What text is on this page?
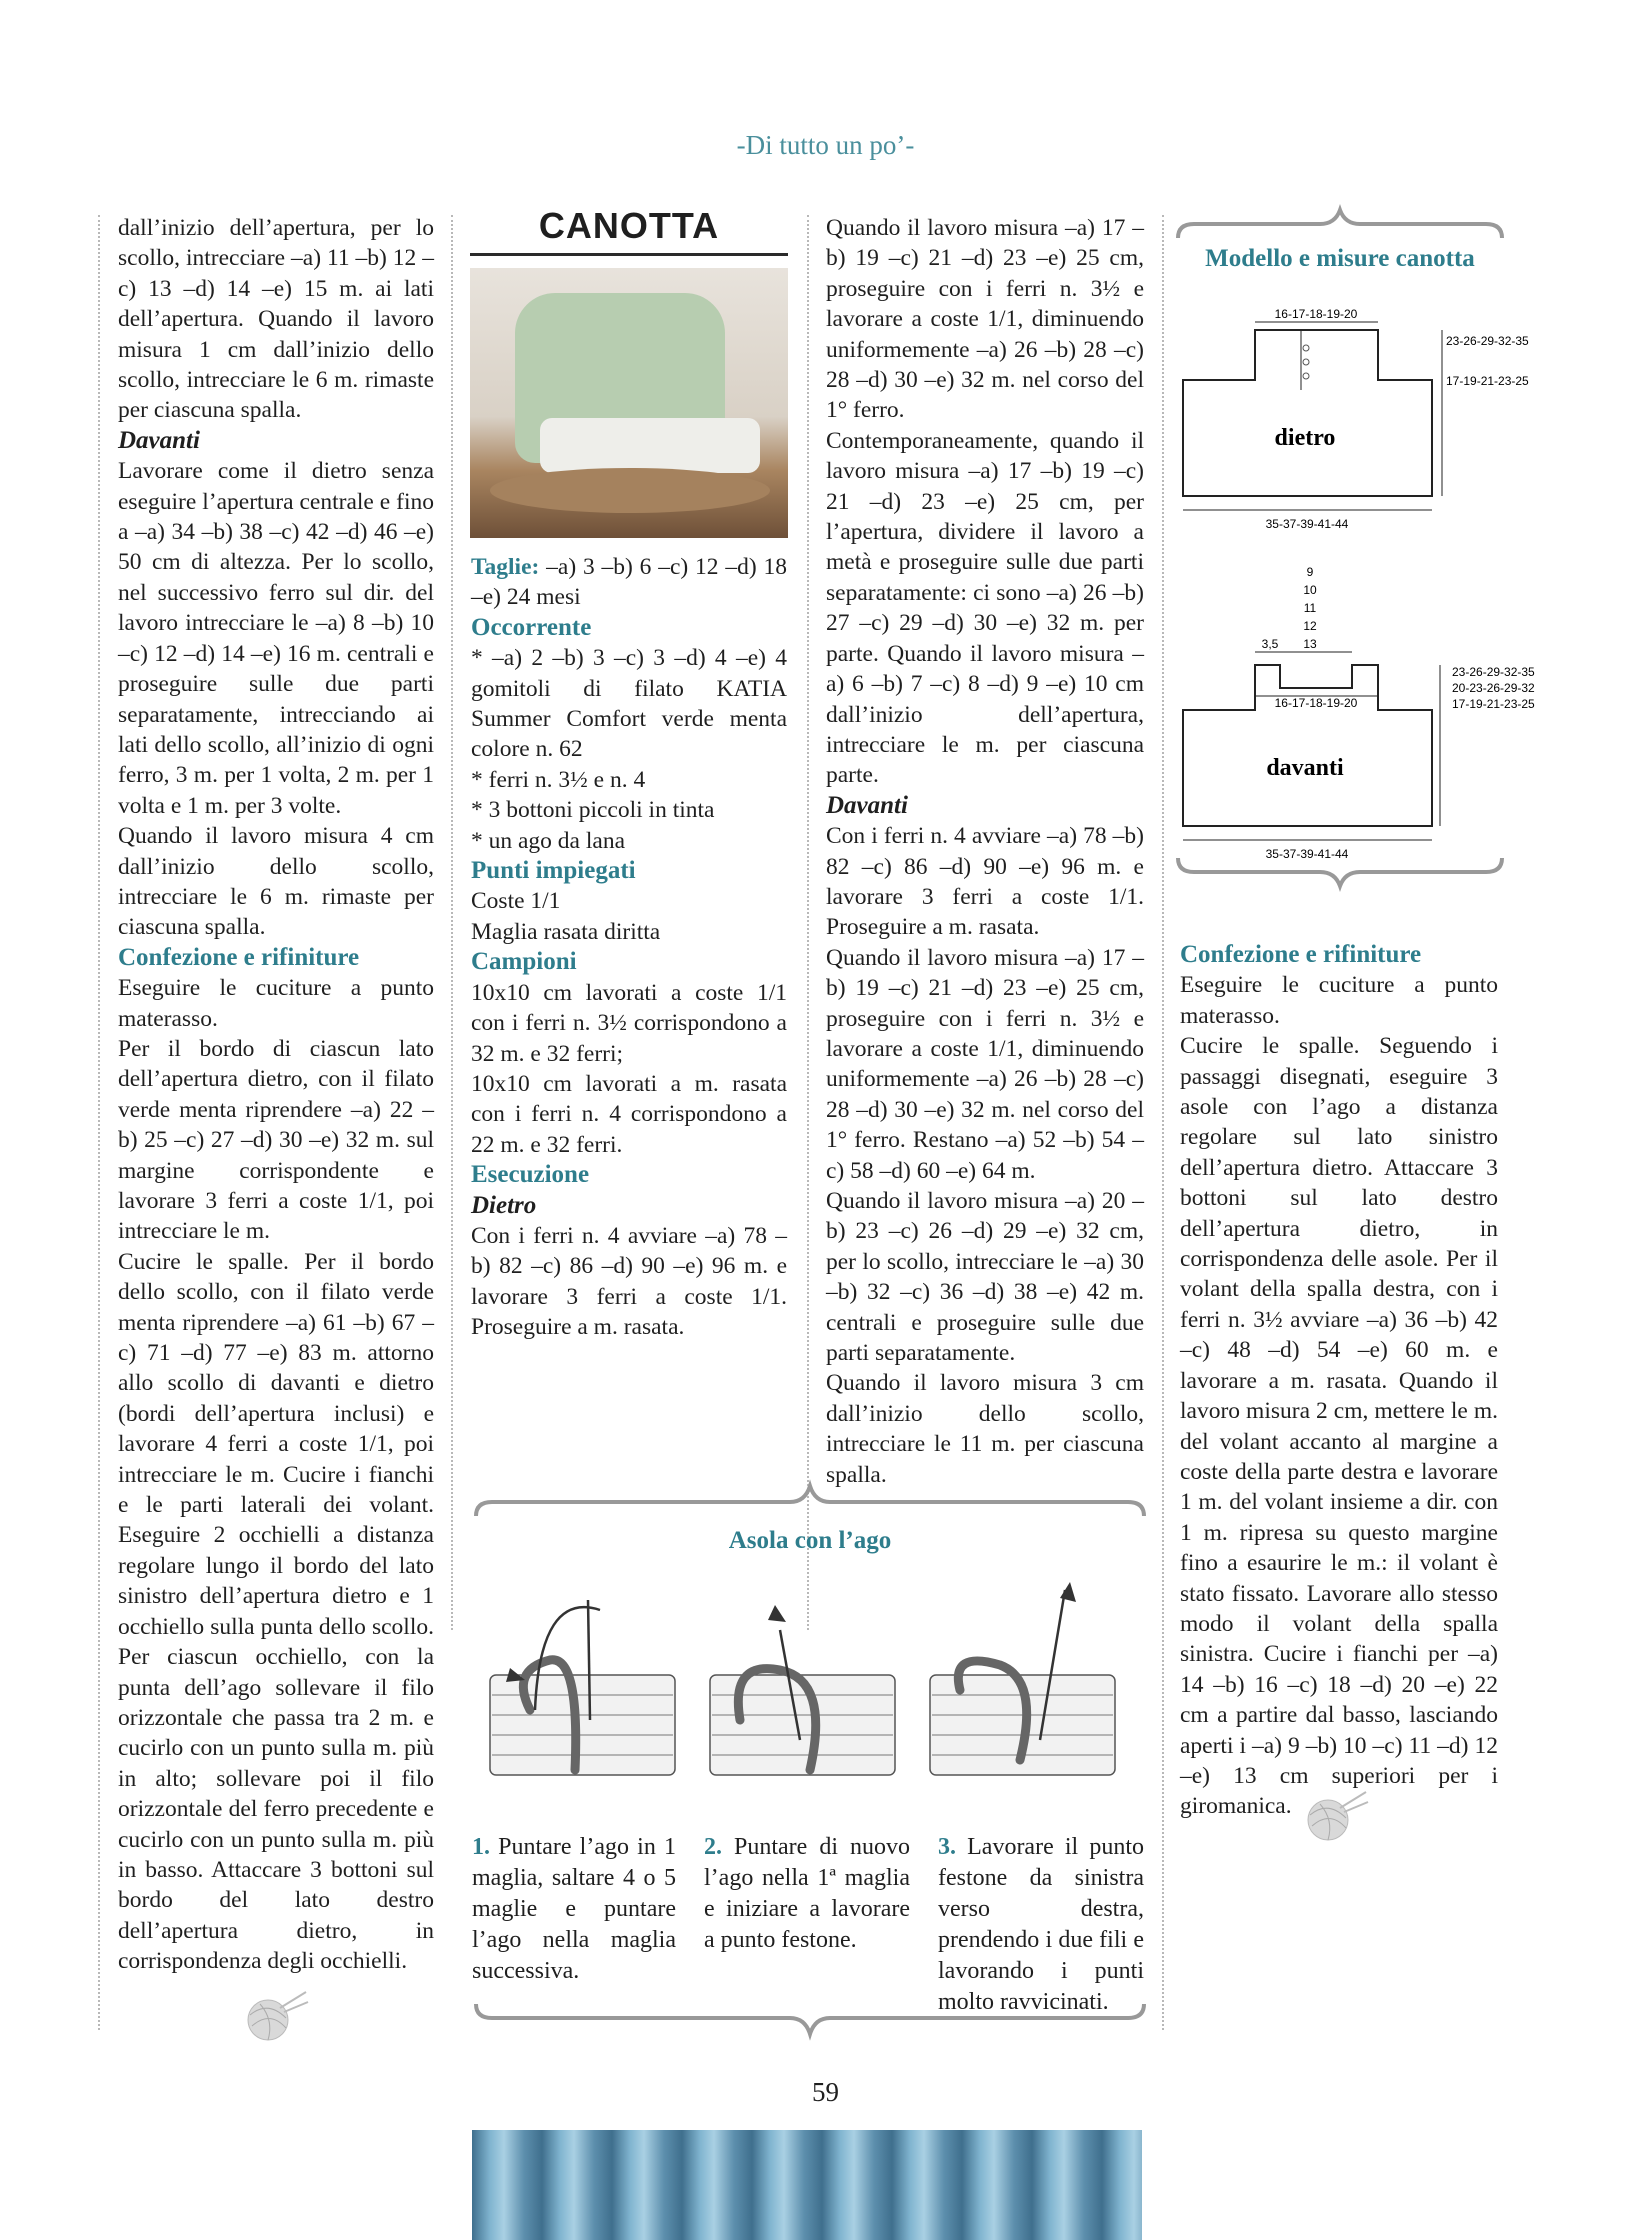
-Di tutto un po’-

dall’inizio dell’apertura, per lo scollo, intrecciare –a) 11 –b) 12 –c) 13 –d) 14 –e) 15 m. ai lati dell’apertura. Quando il lavoro misura 1 cm dall’inizio dello scollo, intrecciare le 6 m. rimaste per ciascuna spalla.

Davanti

Lavorare come il dietro senza eseguire l’apertura centrale e fino a –a) 34 –b) 38 –c) 42 –d) 46 –e) 50 cm di altezza. Per lo scollo, nel successivo ferro sul dir. del lavoro intrecciare le –a) 8 –b) 10 –c) 12 –d) 14 –e) 16 m. centrali e proseguire sulle due parti separatamente, intrecciando ai lati dello scollo, all’inizio di ogni ferro, 3 m. per 1 volta, 2 m. per 1 volta e 1 m. per 3 volte.

Quando il lavoro misura 4 cm dall’inizio dello scollo, intrecciare le 6 m. rimaste per ciascuna spalla.

Confezione e rifiniture

Eseguire le cuciture a punto materasso.

Per il bordo di ciascun lato dell’apertura dietro, con il filato verde menta riprendere –a) 22 –b) 25 –c) 27 –d) 30 –e) 32 m. sul margine corrispondente e lavorare 3 ferri a coste 1/1, poi intrecciare le m.

Cucire le spalle. Per il bordo dello scollo, con il filato verde menta riprendere –a) 61 –b) 67 –c) 71 –d) 77 –e) 83 m. attorno allo scollo di davanti e dietro (bordi dell’apertura inclusi) e lavorare 4 ferri a coste 1/1, poi intrecciare le m. Cucire i fianchi e le parti laterali dei volant. Eseguire 2 occhielli a distanza regolare lungo il bordo del lato sinistro dell’apertura dietro e 1 occhiello sulla punta dello scollo. Per ciascun occhiello, con la punta dell’ago sollevare il filo orizzontale che passa tra 2 m. e cucirlo con un punto sulla m. più in alto; sollevare poi il filo orizzontale del ferro precedente e cucirlo con un punto sulla m. più in basso. Attaccare 3 bottoni sul bordo del lato destro dell’apertura dietro, in corrispondenza degli occhielli.

CANOTTA

Taglie: –a) 3 –b) 6 –c) 12 –d) 18 –e) 24 mesi

Occorrente

* –a) 2 –b) 3 –c) 3 –d) 4 –e) 4 gomitoli di filato KATIA Summer Comfort verde menta colore n. 62

* ferri n. 3½ e n. 4

* 3 bottoni piccoli in tinta

* un ago da lana

Punti impiegati

Coste 1/1

Maglia rasata diritta

Campioni

10x10 cm lavorati a coste 1/1 con i ferri n. 3½ corrispondono a 32 m. e 32 ferri;

10x10 cm lavorati a m. rasata con i ferri n. 4 corrispondono a 22 m. e 32 ferri.

Esecuzione

Dietro

Con i ferri n. 4 avviare –a) 78 –b) 82 –c) 86 –d) 90 –e) 96 m. e lavorare 3 ferri a coste 1/1. Proseguire a m. rasata.

Quando il lavoro misura –a) 17 –b) 19 –c) 21 –d) 23 –e) 25 cm, proseguire con i ferri n. 3½ e lavorare a coste 1/1, diminuendo uniformemente –a) 26 –b) 28 –c) 28 –d) 30 –e) 32 m. nel corso del 1° ferro.

Contemporaneamente, quando il lavoro misura –a) 17 –b) 19 –c) 21 –d) 23 –e) 25 cm, per l’apertura, dividere il lavoro a metà e proseguire sulle due parti separatamente: ci sono –a) 26 –b) 27 –c) 29 –d) 30 –e) 32 m. per parte. Quando il lavoro misura –a) 6 –b) 7 –c) 8 –d) 9 –e) 10 cm dall’inizio dell’apertura, intrecciare le m. per ciascuna parte.

Davanti

Con i ferri n. 4 avviare –a) 78 –b) 82 –c) 86 –d) 90 –e) 96 m. e lavorare 3 ferri a coste 1/1. Proseguire a m. rasata.

Quando il lavoro misura –a) 17 –b) 19 –c) 21 –d) 23 –e) 25 cm, proseguire con i ferri n. 3½ e lavorare a coste 1/1, diminuendo uniformemente –a) 26 –b) 28 –c) 28 –d) 30 –e) 32 m. nel corso del 1° ferro. Restano –a) 52 –b) 54 –c) 58 –d) 60 –e) 64 m.

Quando il lavoro misura –a) 20 –b) 23 –c) 26 –d) 29 –e) 32 cm, per lo scollo, intrecciare le –a) 30 –b) 32 –c) 36 –d) 38 –e) 42 m. centrali e proseguire sulle due parti separatamente.

Quando il lavoro misura 3 cm dall’inizio dello scollo, intrecciare le 11 m. per ciascuna spalla.

Modello e misure canotta
dietro
16-17-18-19-20
23-26-29-32-35
17-19-21-23-25
35-37-39-41-44
9
10
11
12
13
3,5
16-17-18-19-20
davanti
23-26-29-32-35
20-23-26-29-32
17-19-21-23-25
35-37-39-41-44

Confezione e rifiniture

Eseguire le cuciture a punto materasso.

Cucire le spalle. Seguendo i passaggi disegnati, eseguire 3 asole con l’ago a distanza regolare sul lato sinistro dell’apertura dietro. Attaccare 3 bottoni sul lato destro dell’apertura dietro, in corrispondenza delle asole. Per il volant della spalla destra, con i ferri n. 3½ avviare –a) 36 –b) 42 –c) 48 –d) 54 –e) 60 m. e lavorare a m. rasata. Quando il lavoro misura 2 cm, mettere le m. del volant accanto al margine a coste della parte destra e lavorare 1 m. del volant insieme a dir. con 1 m. ripresa su questo margine fino a esaurire le m.: il volant è stato fissato. Lavorare allo stesso modo il volant della spalla sinistra. Cucire i fianchi per –a) 14 –b) 16 –c) 18 –d) 20 –e) 22 cm a partire dal basso, lasciando aperti i –a) 9 –b) 10 –c) 11 –d) 12 –e) 13 cm superiori per i giromanica.

Asola con l’ago
1. Puntare l’ago in 1 maglia, saltare 4 o 5 maglie e puntare l’ago nella maglia successiva.
2. Puntare di nuovo l’ago nella 1ª maglia e iniziare a lavorare a punto festone.
3. Lavorare il punto festone da sinistra verso destra, prendendo i due fili e lavorando i punti molto ravvicinati.
59
